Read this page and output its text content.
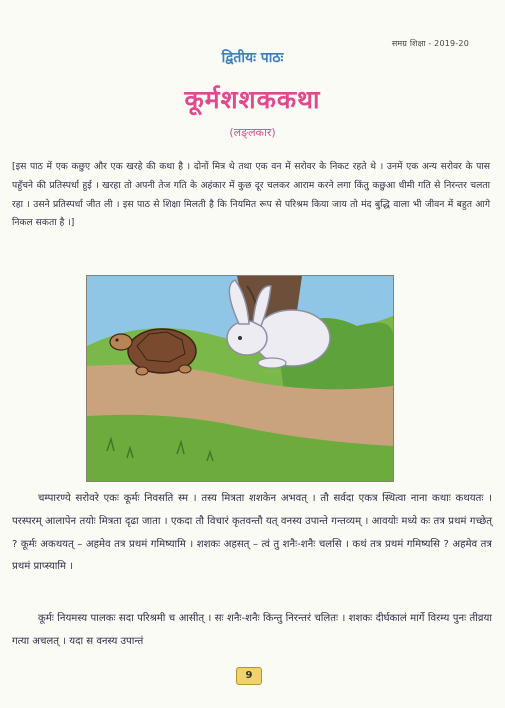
समग्र शिक्षा - 2019-20
द्वितीयः पाठः
कूर्मशशककथा
(लङ्लकार)
[इस पाठ में एक कछुए और एक खरहे की कथा है । दोनों मित्र थे तथा एक वन में सरोवर के निकट रहते थे । उनमें एक अन्य सरोवर के पास पहुँचने की प्रतिस्पर्धा हुई । खरहा तो अपनी तेज गति के अहंकार में कुछ दूर चलकर आराम करने लगा किंतु कछुआ धीमी गति से निरन्तर चलता रहा । उसने प्रतिस्पर्धा जीत ली । इस पाठ से शिक्षा मिलती है कि नियमित रूप से परिश्रम किया जाय तो मंद बुद्धि वाला भी जीवन में बहुत आगे निकल सकता है ।]
चम्पारण्ये सरोवरे एकः कूर्मः निवसति स्म । तस्य मित्रता शशकेन अभवत् । तौ सर्वदा एकत्र स्थित्वा नाना कथाः कथयतः । परस्परम् आलापेन तयोः मित्रता दृढा जाता । एकदा तौ विचारं कृतवन्तौ यत् वनस्य उपान्ते गन्तव्यम् । आवयोः मध्ये कः तत्र प्रथमं गच्छेत् ? कूर्मः अकथयत् – अहमेव तत्र प्रथमं गमिष्यामि । शशकः अहसत् – त्वं तु शनैः-शनैः चलसि । कथं तत्र प्रथमं गमिष्यसि ? अहमेव तत्र प्रथमं प्राप्स्यामि ।
कूर्मः नियमस्य पालकः सदा परिश्रमी च आसीत् । सः शनैः-शनैः किन्तु निरन्तरं चलितः । शशकः दीर्घकालं मार्गे विरम्य पुनः तीव्रया गत्या अचलत् । यदा स वनस्य उपान्तं
9
